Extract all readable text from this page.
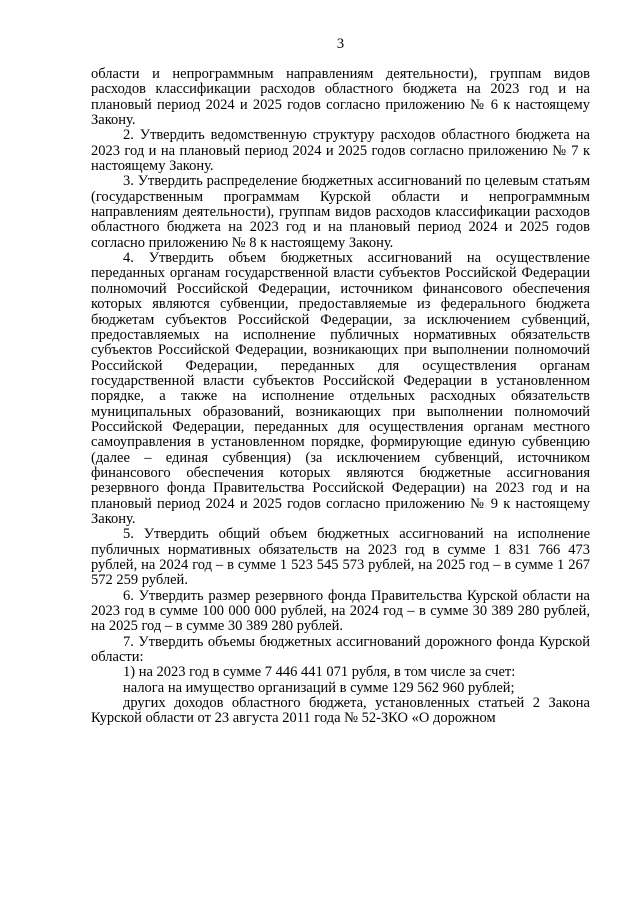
3

области и непрограммным направлениям деятельности), группам видов расходов классификации расходов областного бюджета на 2023 год и на плановый период 2024 и 2025 годов согласно приложению № 6 к настоящему Закону.

2. Утвердить ведомственную структуру расходов областного бюджета на 2023 год и на плановый период 2024 и 2025 годов согласно приложению № 7 к настоящему Закону.

3. Утвердить распределение бюджетных ассигнований по целевым статьям (государственным программам Курской области и непрограммным направлениям деятельности), группам видов расходов классификации расходов областного бюджета на 2023 год и на плановый период 2024 и 2025 годов согласно приложению № 8 к настоящему Закону.

4. Утвердить объем бюджетных ассигнований на осуществление переданных органам государственной власти субъектов Российской Федерации полномочий Российской Федерации, источником финансового обеспечения которых являются субвенции, предоставляемые из федерального бюджета бюджетам субъектов Российской Федерации, за исключением субвенций, предоставляемых на исполнение публичных нормативных обязательств субъектов Российской Федерации, возникающих при выполнении полномочий Российской Федерации, переданных для осуществления органам государственной власти субъектов Российской Федерации в установленном порядке, а также на исполнение отдельных расходных обязательств муниципальных образований, возникающих при выполнении полномочий Российской Федерации, переданных для осуществления органам местного самоуправления в установленном порядке, формирующие единую субвенцию (далее – единая субвенция) (за исключением субвенций, источником финансового обеспечения которых являются бюджетные ассигнования резервного фонда Правительства Российской Федерации) на 2023 год и на плановый период 2024 и 2025 годов согласно приложению № 9 к настоящему Закону.

5. Утвердить общий объем бюджетных ассигнований на исполнение публичных нормативных обязательств на 2023 год в сумме 1 831 766 473 рублей, на 2024 год – в сумме 1 523 545 573 рублей, на 2025 год – в сумме 1 267 572 259 рублей.

6. Утвердить размер резервного фонда Правительства Курской области на 2023 год в сумме 100 000 000 рублей, на 2024 год – в сумме 30 389 280 рублей, на 2025 год – в сумме 30 389 280 рублей.

7. Утвердить объемы бюджетных ассигнований дорожного фонда Курской области:

1) на 2023 год в сумме 7 446 441 071 рубля, в том числе за счет:

налога на имущество организаций в сумме 129 562 960 рублей;

других доходов областного бюджета, установленных статьей 2 Закона Курской области от 23 августа 2011 года № 52-ЗКО «О дорожном
